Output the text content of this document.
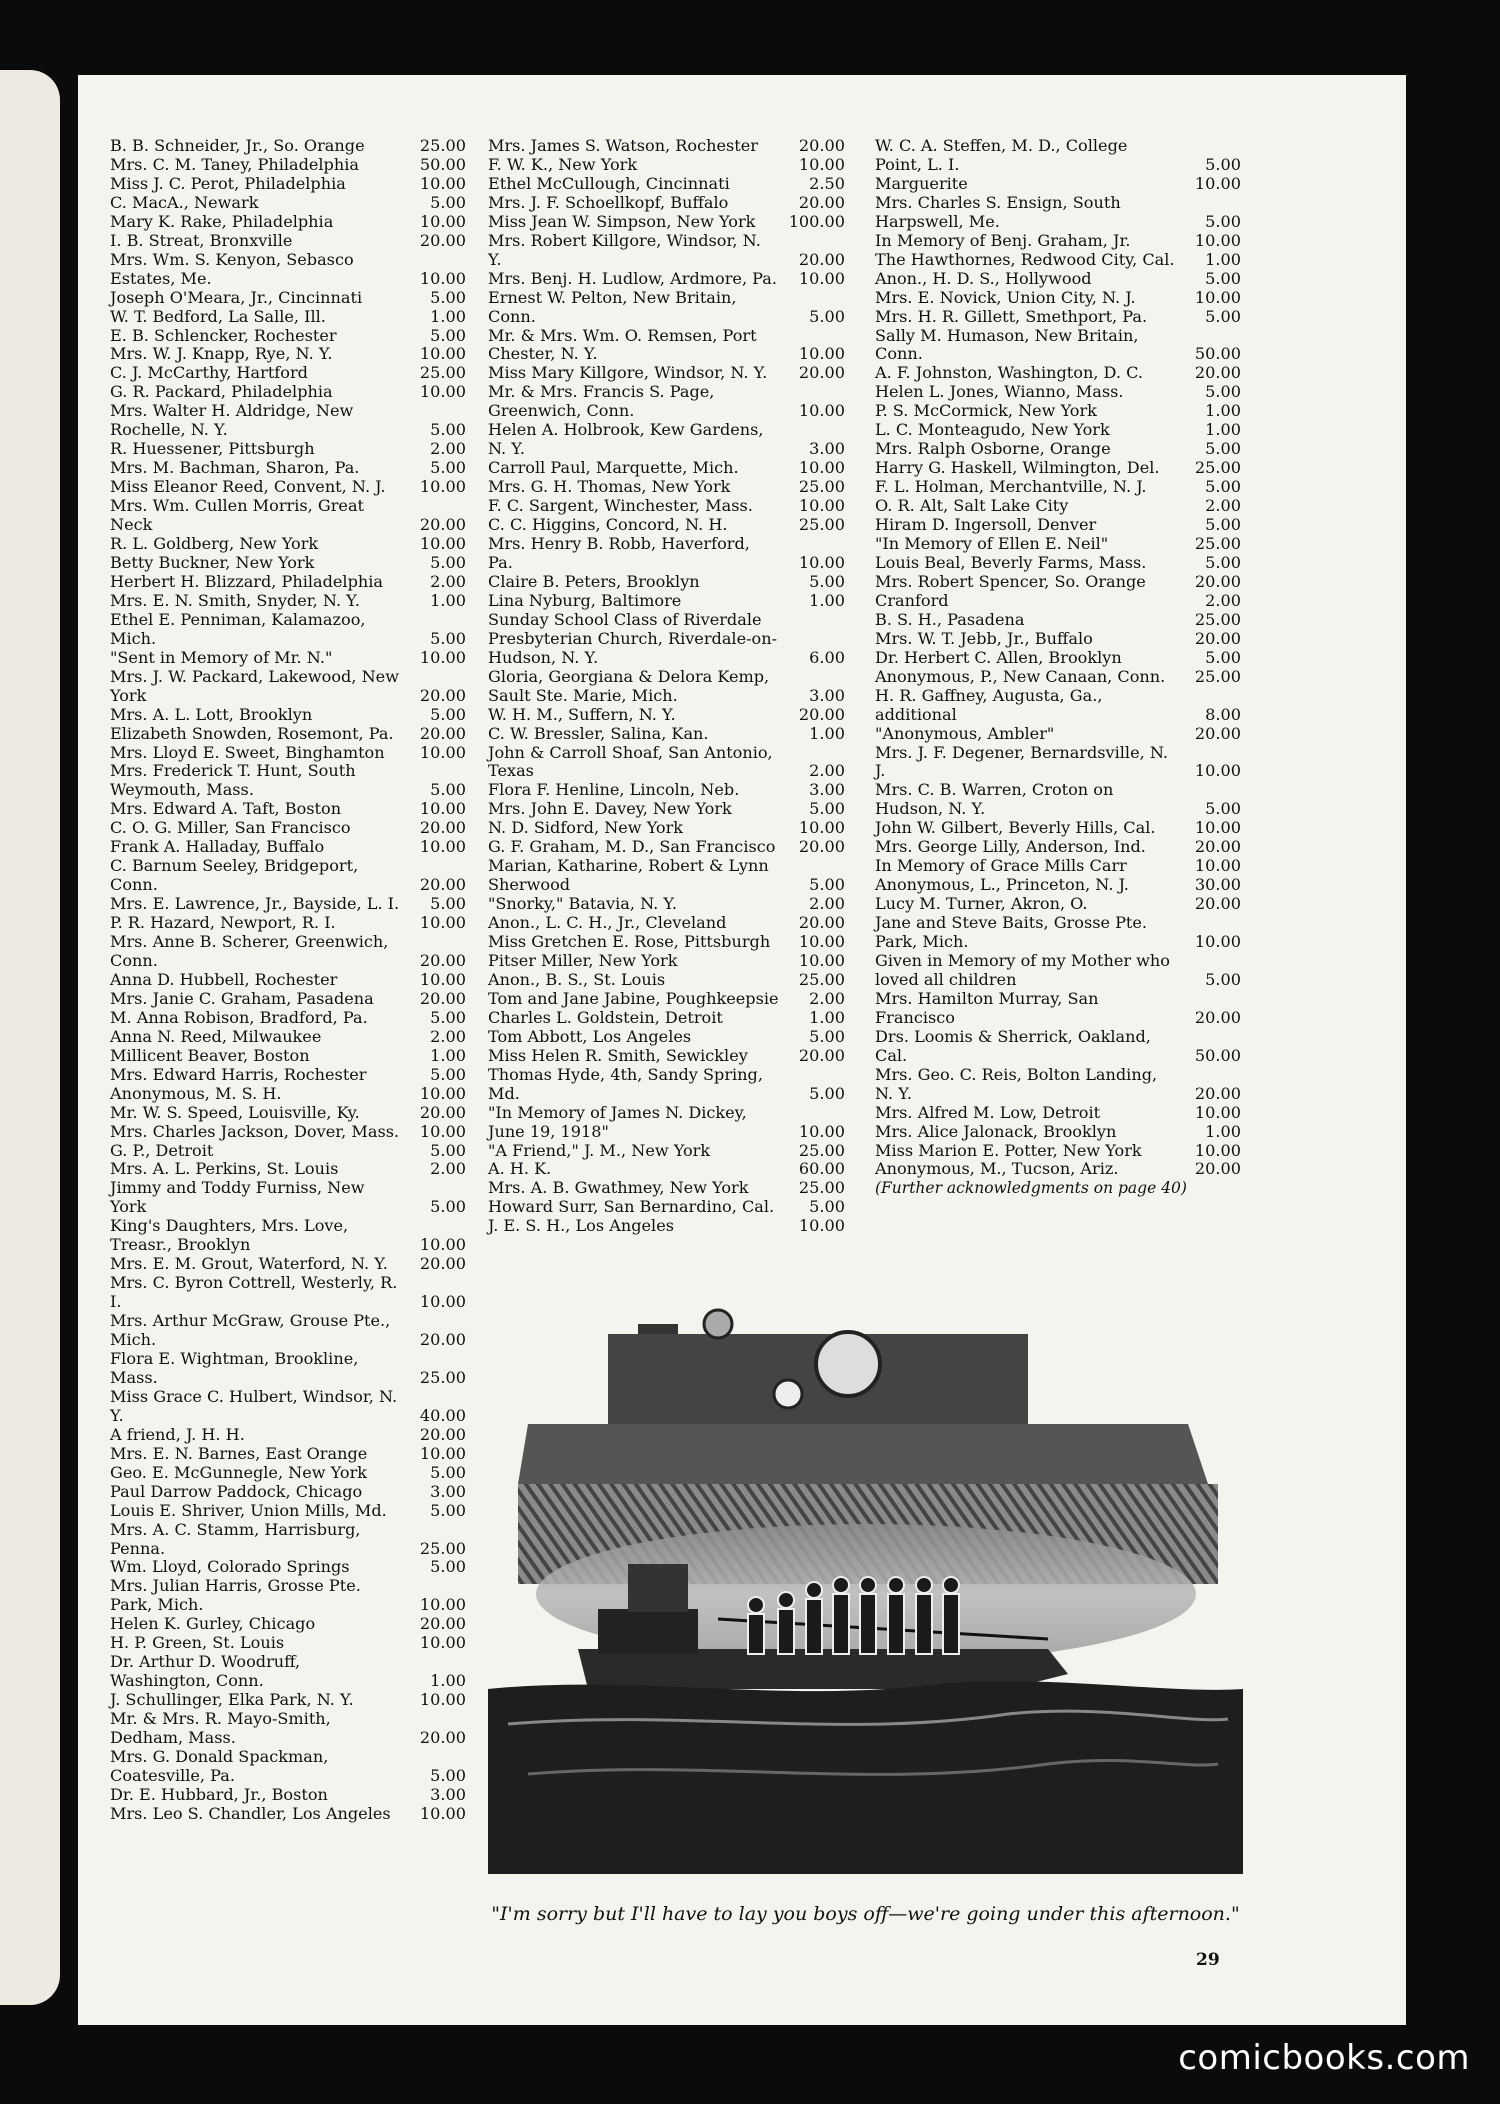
B. B. Schneider, Jr., So. Orange	25.00
Mrs. C. M. Taney, Philadelphia	50.00
Miss J. C. Perot, Philadelphia	10.00
C. MacA., Newark	5.00
Mary K. Rake, Philadelphia	10.00
I. B. Streat, Bronxville	20.00
Mrs. Wm. S. Kenyon, Sebasco Estates, Me.	10.00
Joseph O'Meara, Jr., Cincinnati	5.00
W. T. Bedford, La Salle, Ill.	1.00
E. B. Schlencker, Rochester	5.00
Mrs. W. J. Knapp, Rye, N. Y.	10.00
C. J. McCarthy, Hartford	25.00
G. R. Packard, Philadelphia	10.00
Mrs. Walter H. Aldridge, New Rochelle, N. Y.	5.00
R. Huessener, Pittsburgh	2.00
Mrs. M. Bachman, Sharon, Pa.	5.00
Miss Eleanor Reed, Convent, N. J.	10.00
Mrs. Wm. Cullen Morris, Great Neck	20.00
R. L. Goldberg, New York	10.00
Betty Buckner, New York	5.00
Herbert H. Blizzard, Philadelphia	2.00
Mrs. E. N. Smith, Snyder, N. Y.	1.00
Ethel E. Penniman, Kalamazoo, Mich.	5.00
"Sent in Memory of Mr. N."	10.00
Mrs. J. W. Packard, Lakewood, New York	20.00
Mrs. A. L. Lott, Brooklyn	5.00
Elizabeth Snowden, Rosemont, Pa.	20.00
Mrs. Lloyd E. Sweet, Binghamton	10.00
Mrs. Frederick T. Hunt, South Weymouth, Mass.	5.00
Mrs. Edward A. Taft, Boston	10.00
C. O. G. Miller, San Francisco	20.00
Frank A. Halladay, Buffalo	10.00
C. Barnum Seeley, Bridgeport, Conn.	20.00
Mrs. E. Lawrence, Jr., Bayside, L. I.	5.00
P. R. Hazard, Newport, R. I.	10.00
Mrs. Anne B. Scherer, Greenwich, Conn.	20.00
Anna D. Hubbell, Rochester	10.00
Mrs. Janie C. Graham, Pasadena	20.00
M. Anna Robison, Bradford, Pa.	5.00
Anna N. Reed, Milwaukee	2.00
Millicent Beaver, Boston	1.00
Mrs. Edward Harris, Rochester	5.00
Anonymous, M. S. H.	10.00
Mr. W. S. Speed, Louisville, Ky.	20.00
Mrs. Charles Jackson, Dover, Mass.	10.00
G. P., Detroit	5.00
Mrs. A. L. Perkins, St. Louis	2.00
Jimmy and Toddy Furniss, New York	5.00
King's Daughters, Mrs. Love, Treasr., Brooklyn	10.00
Mrs. E. M. Grout, Waterford, N. Y.	20.00
Mrs. C. Byron Cottrell, Westerly, R. I.	10.00
Mrs. Arthur McGraw, Grouse Pte., Mich.	20.00
Flora E. Wightman, Brookline, Mass.	25.00
Miss Grace C. Hulbert, Windsor, N. Y.	40.00
A friend, J. H. H.	20.00
Mrs. E. N. Barnes, East Orange	10.00
Geo. E. McGunnegle, New York	5.00
Paul Darrow Paddock, Chicago	3.00
Louis E. Shriver, Union Mills, Md.	5.00
Mrs. A. C. Stamm, Harrisburg, Penna.	25.00
Wm. Lloyd, Colorado Springs	5.00
Mrs. Julian Harris, Grosse Pte. Park, Mich.	10.00
Helen K. Gurley, Chicago	20.00
H. P. Green, St. Louis	10.00
Dr. Arthur D. Woodruff, Washington, Conn.	1.00
J. Schullinger, Elka Park, N. Y.	10.00
Mr. & Mrs. R. Mayo-Smith, Dedham, Mass.	20.00
Mrs. G. Donald Spackman, Coatesville, Pa.	5.00
Dr. E. Hubbard, Jr., Boston	3.00
Mrs. Leo S. Chandler, Los Angeles	10.00
Mrs. James S. Watson, Rochester	20.00
F. W. K., New York	10.00
Ethel McCullough, Cincinnati	2.50
Mrs. J. F. Schoellkopf, Buffalo	20.00
Miss Jean W. Simpson, New York	100.00
Mrs. Robert Killgore, Windsor, N. Y.	20.00
Mrs. Benj. H. Ludlow, Ardmore, Pa.	10.00
Ernest W. Pelton, New Britain, Conn.	5.00
Mr. & Mrs. Wm. O. Remsen, Port Chester, N. Y.	10.00
Miss Mary Killgore, Windsor, N. Y.	20.00
Mr. & Mrs. Francis S. Page, Greenwich, Conn.	10.00
Helen A. Holbrook, Kew Gardens, N. Y.	3.00
Carroll Paul, Marquette, Mich.	10.00
Mrs. G. H. Thomas, New York	25.00
F. C. Sargent, Winchester, Mass.	10.00
C. C. Higgins, Concord, N. H.	25.00
Mrs. Henry B. Robb, Haverford, Pa.	10.00
Claire B. Peters, Brooklyn	5.00
Lina Nyburg, Baltimore	1.00
Sunday School Class of Riverdale Presbyterian Church, Riverdale-on-Hudson, N. Y.	6.00
Gloria, Georgiana & Delora Kemp, Sault Ste. Marie, Mich.	3.00
W. H. M., Suffern, N. Y.	20.00
C. W. Bressler, Salina, Kan.	1.00
John & Carroll Shoaf, San Antonio, Texas	2.00
Flora F. Henline, Lincoln, Neb.	3.00
Mrs. John E. Davey, New York	5.00
N. D. Sidford, New York	10.00
G. F. Graham, M. D., San Francisco	20.00
Marian, Katharine, Robert & Lynn Sherwood	5.00
"Snorky," Batavia, N. Y.	2.00
Anon., L. C. H., Jr., Cleveland	20.00
Miss Gretchen E. Rose, Pittsburgh	10.00
Pitser Miller, New York	10.00
Anon., B. S., St. Louis	25.00
Tom and Jane Jabine, Poughkeepsie	2.00
Charles L. Goldstein, Detroit	1.00
Tom Abbott, Los Angeles	5.00
Miss Helen R. Smith, Sewickley	20.00
Thomas Hyde, 4th, Sandy Spring, Md.	5.00
"In Memory of James N. Dickey, June 19, 1918"	10.00
"A Friend," J. M., New York	25.00
A. H. K.	60.00
Mrs. A. B. Gwathmey, New York	25.00
Howard Surr, San Bernardino, Cal.	5.00
J. E. S. H., Los Angeles	10.00
W. C. A. Steffen, M. D., College Point, L. I.	5.00
Marguerite	10.00
Mrs. Charles S. Ensign, South Harpswell, Me.	5.00
In Memory of Benj. Graham, Jr.	10.00
The Hawthornes, Redwood City, Cal.	1.00
Anon., H. D. S., Hollywood	5.00
Mrs. E. Novick, Union City, N. J.	10.00
Mrs. H. R. Gillett, Smethport, Pa.	5.00
Sally M. Humason, New Britain, Conn.	50.00
A. F. Johnston, Washington, D. C.	20.00
Helen L. Jones, Wianno, Mass.	5.00
P. S. McCormick, New York	1.00
L. C. Monteagudo, New York	1.00
Mrs. Ralph Osborne, Orange	5.00
Harry G. Haskell, Wilmington, Del.	25.00
F. L. Holman, Merchantville, N. J.	5.00
O. R. Alt, Salt Lake City	2.00
Hiram D. Ingersoll, Denver	5.00
"In Memory of Ellen E. Neil"	25.00
Louis Beal, Beverly Farms, Mass.	5.00
Mrs. Robert Spencer, So. Orange	20.00
Cranford	2.00
B. S. H., Pasadena	25.00
Mrs. W. T. Jebb, Jr., Buffalo	20.00
Dr. Herbert C. Allen, Brooklyn	5.00
Anonymous, P., New Canaan, Conn.	25.00
H. R. Gaffney, Augusta, Ga., additional	8.00
"Anonymous, Ambler"	20.00
Mrs. J. F. Degener, Bernardsville, N. J.	10.00
Mrs. C. B. Warren, Croton on Hudson, N. Y.	5.00
John W. Gilbert, Beverly Hills, Cal.	10.00
Mrs. George Lilly, Anderson, Ind.	20.00
In Memory of Grace Mills Carr	10.00
Anonymous, L., Princeton, N. J.	30.00
Lucy M. Turner, Akron, O.	20.00
Jane and Steve Baits, Grosse Pte. Park, Mich.	10.00
Given in Memory of my Mother who loved all children	5.00
Mrs. Hamilton Murray, San Francisco	20.00
Drs. Loomis & Sherrick, Oakland, Cal.	50.00
Mrs. Geo. C. Reis, Bolton Landing, N. Y.	20.00
Mrs. Alfred M. Low, Detroit	10.00
Mrs. Alice Jalonack, Brooklyn	1.00
Miss Marion E. Potter, New York	10.00
Anonymous, M., Tucson, Ariz.	20.00
(Further acknowledgments on page 40)
"I'm sorry but I'll have to lay you boys off—we're going under this afternoon."
29
comicbooks.com
